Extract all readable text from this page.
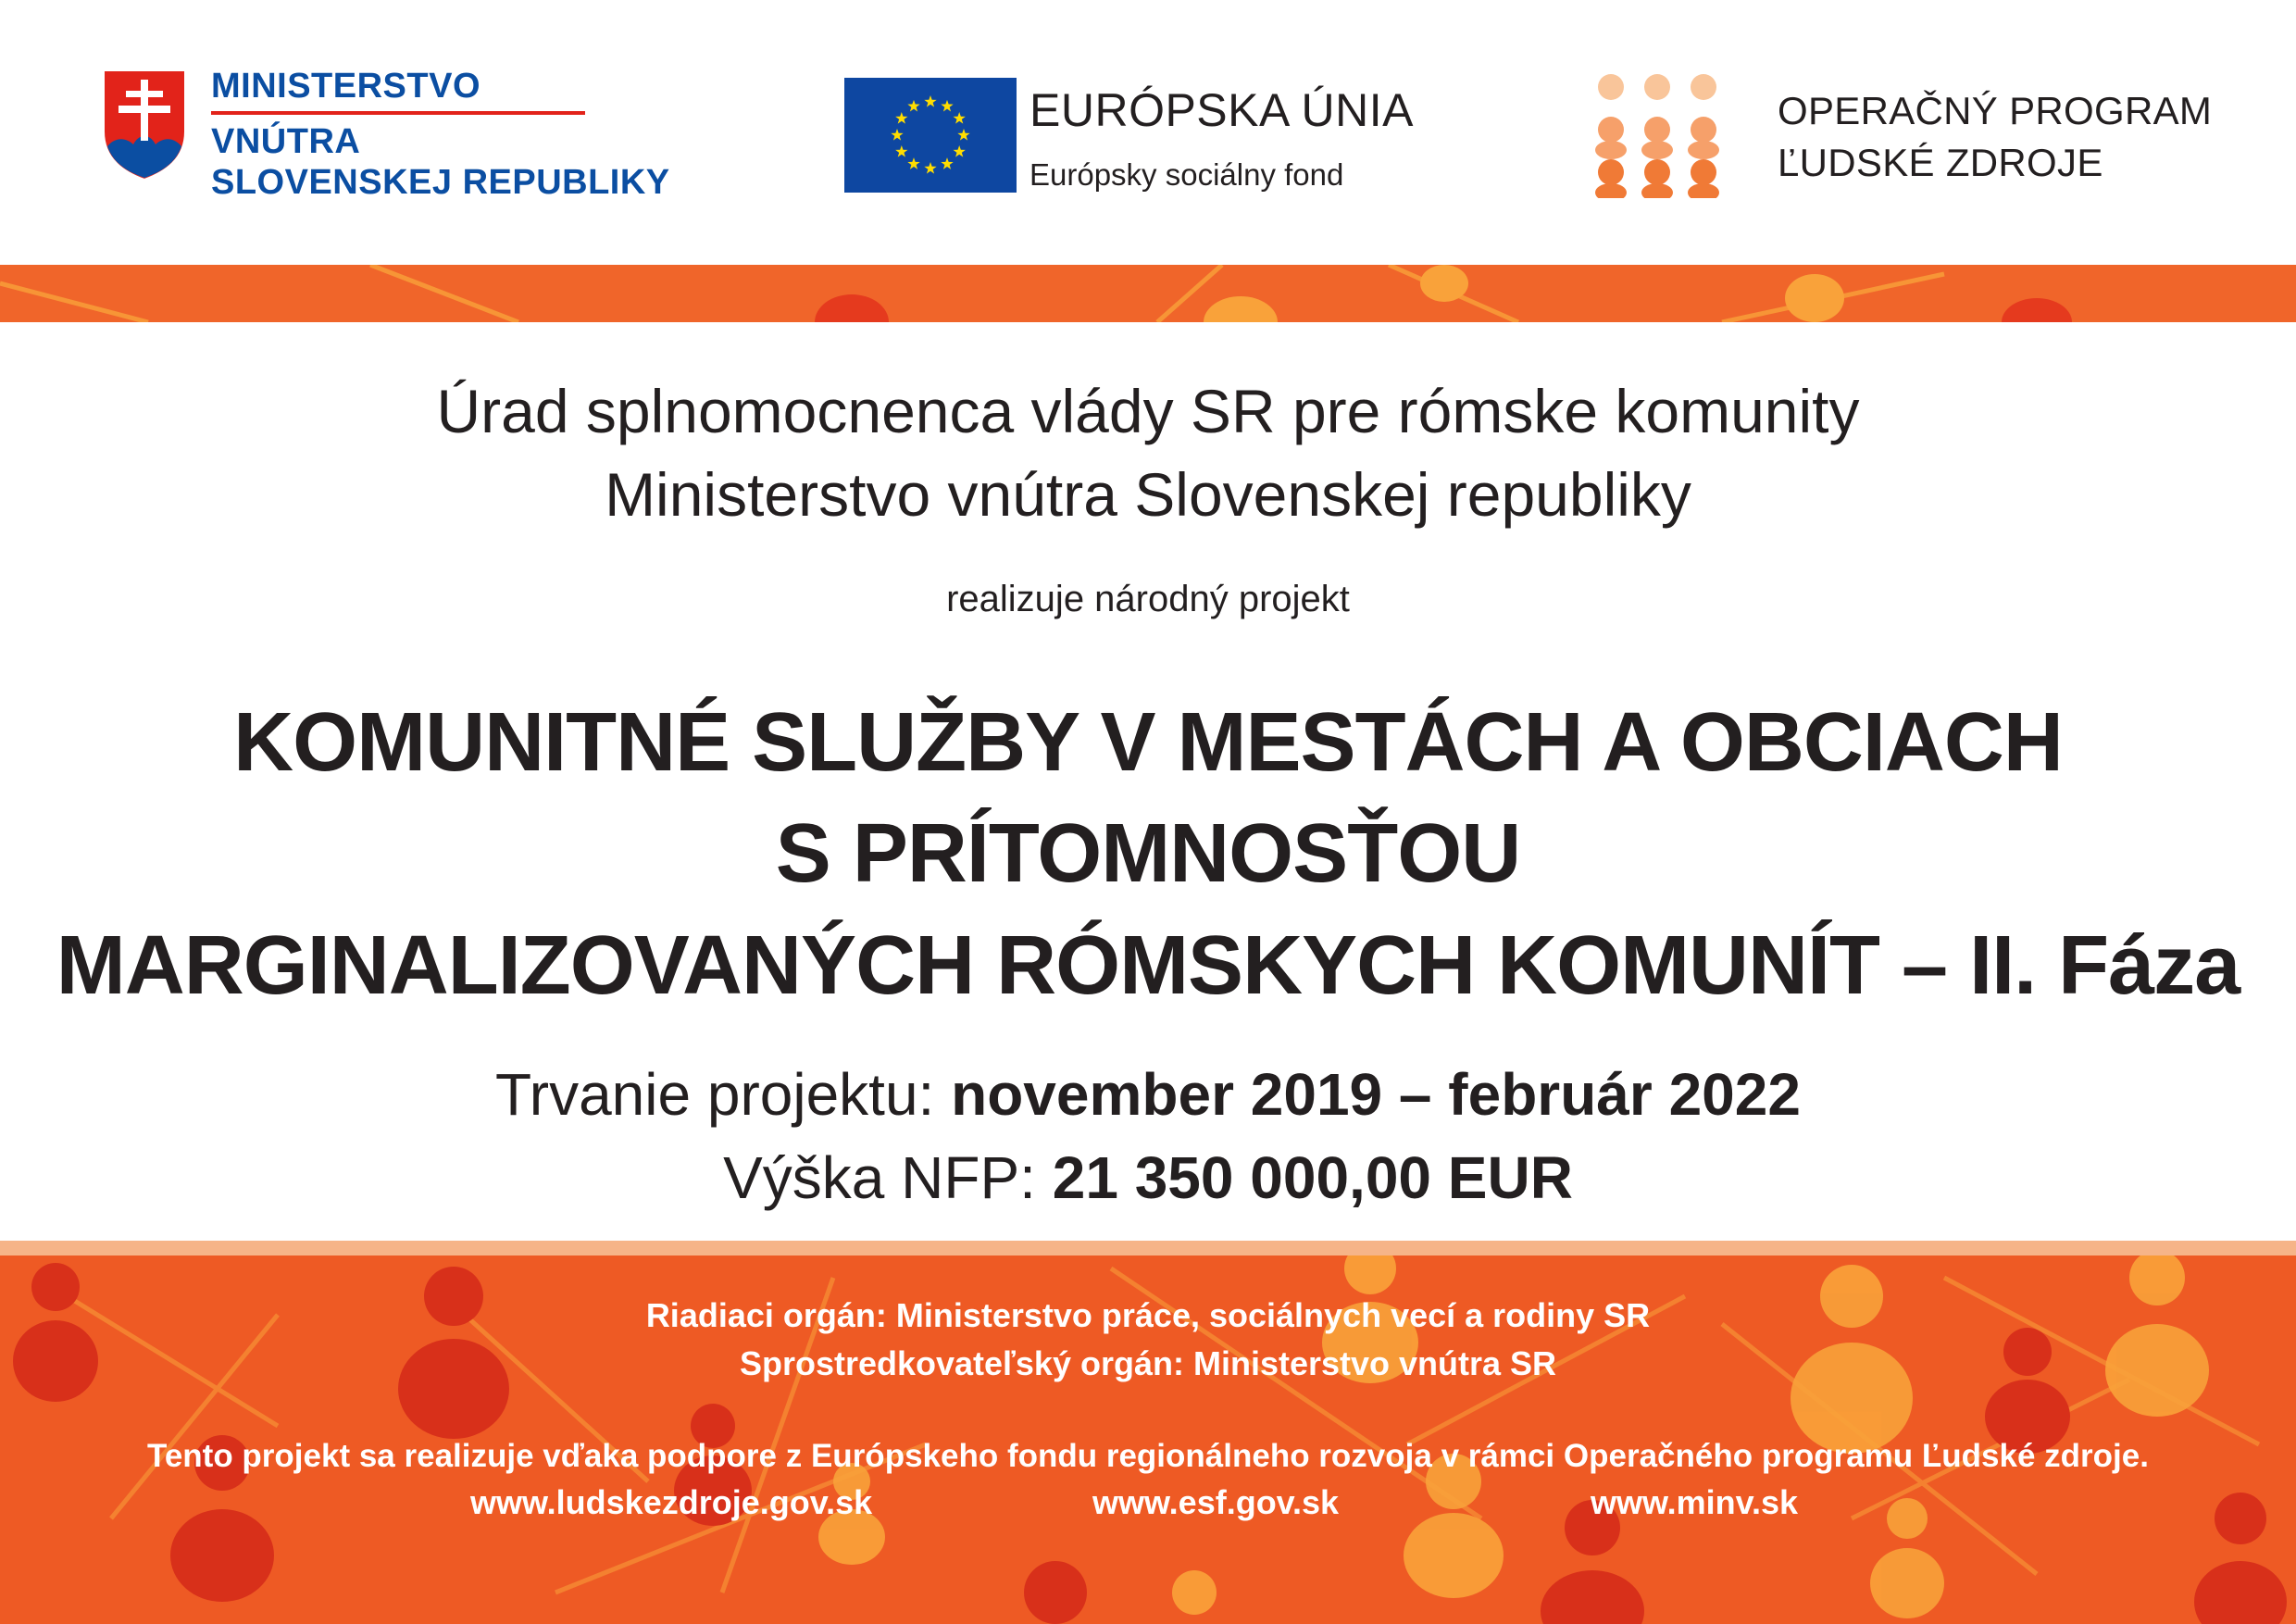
MINISTERSTVO
VNÚTRA
SLOVENSKEJ REPUBLIKY
EURÓPSKA ÚNIA
Európsky sociálny fond
OPERAČNÝ PROGRAM
ĽUDSKÉ ZDROJE
Úrad splnomocnenca vlády SR pre rómske komunity
Ministerstvo vnútra Slovenskej republiky
realizuje národný projekt
KOMUNITNÉ SLUŽBY V MESTÁCH A OBCIACH
S PRÍTOMNOSŤOU
MARGINALIZOVANÝCH RÓMSKYCH KOMUNÍT – II. Fáza
Trvanie projektu: november 2019 – február 2022
Výška NFP: 21 350 000,00 EUR
Riadiaci orgán: Ministerstvo práce, sociálnych vecí a rodiny SR
Sprostredkovateľský orgán: Ministerstvo vnútra SR
Tento projekt sa realizuje vďaka podpore z Európskeho fondu regionálneho rozvoja v rámci Operačného programu Ľudské zdroje.
www.ludskezdroje.gov.sk	www.esf.gov.sk	www.minv.sk
